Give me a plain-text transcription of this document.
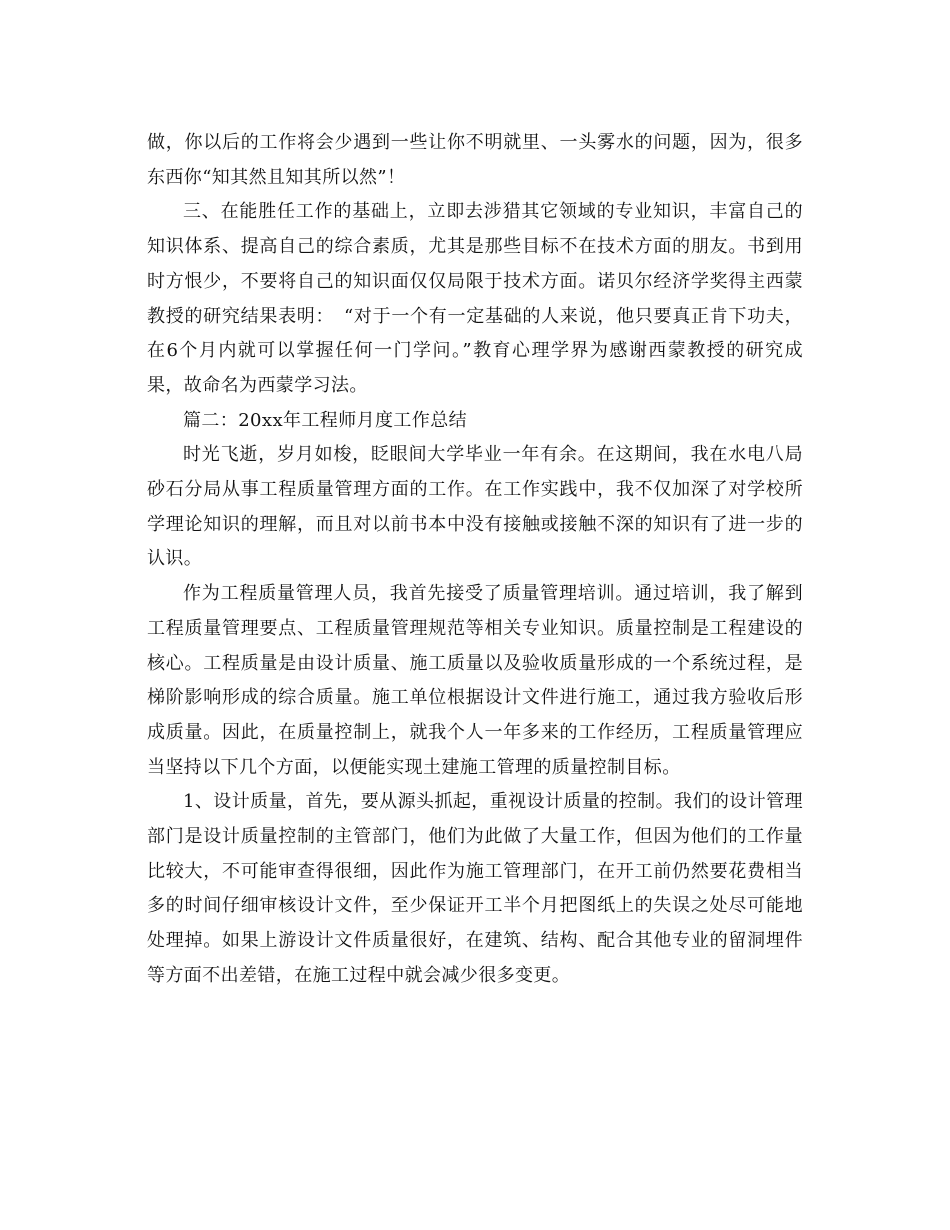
做，你以后的工作将会少遇到一些让你不明就里、一头雾水的问题，因为，很多东西你“知其然且知其所以然”！

三、在能胜任工作的基础上，立即去涉猎其它领域的专业知识，丰富自己的知识体系、提高自己的综合素质，尤其是那些目标不在技术方面的朋友。书到用时方恨少，不要将自己的知识面仅仅局限于技术方面。诺贝尔经济学奖得主西蒙教授的研究结果表明：　“对于一个有一定基础的人来说，他只要真正肯下功夫，在6个月内就可以掌握任何一门学问。”教育心理学界为感谢西蒙教授的研究成果，故命名为西蒙学习法。

篇二：20xx年工程师月度工作总结

时光飞逝，岁月如梭，眨眼间大学毕业一年有余。在这期间，我在水电八局砂石分局从事工程质量管理方面的工作。在工作实践中，我不仅加深了对学校所学理论知识的理解，而且对以前书本中没有接触或接触不深的知识有了进一步的认识。

作为工程质量管理人员，我首先接受了质量管理培训。通过培训，我了解到工程质量管理要点、工程质量管理规范等相关专业知识。质量控制是工程建设的核心。工程质量是由设计质量、施工质量以及验收质量形成的一个系统过程，是梯阶影响形成的综合质量。施工单位根据设计文件进行施工，通过我方验收后形成质量。因此，在质量控制上，就我个人一年多来的工作经历，工程质量管理应当坚持以下几个方面，以便能实现土建施工管理的质量控制目标。

1、设计质量，首先，要从源头抓起，重视设计质量的控制。我们的设计管理部门是设计质量控制的主管部门，他们为此做了大量工作，但因为他们的工作量比较大，不可能审查得很细，因此作为施工管理部门，在开工前仍然要花费相当多的时间仔细审核设计文件，至少保证开工半个月把图纸上的失误之处尽可能地处理掉。如果上游设计文件质量很好，在建筑、结构、配合其他专业的留洞埋件等方面不出差错，在施工过程中就会减少很多变更。
